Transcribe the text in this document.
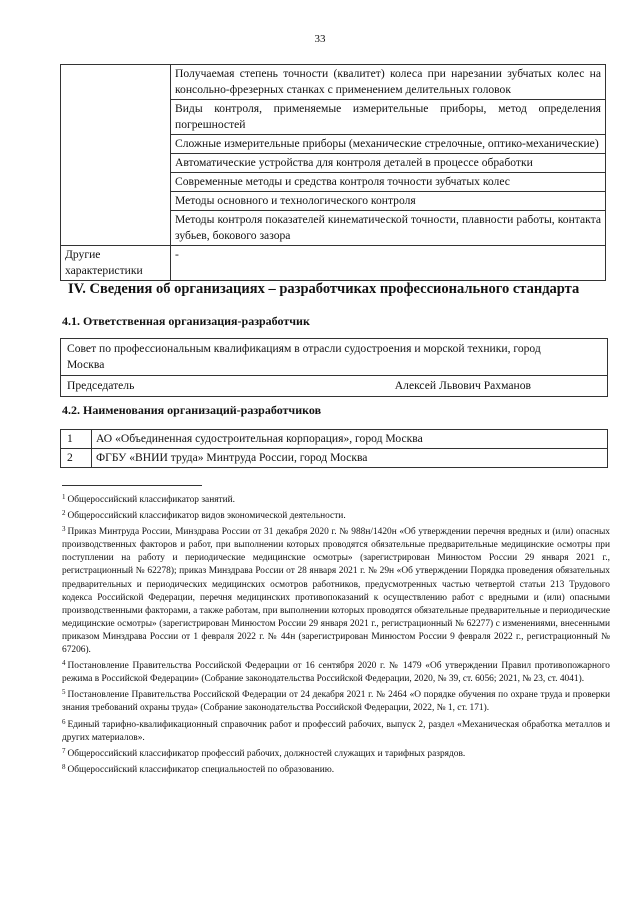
33
	Получаемая степень точности (квалитет) колеса при нарезании зубчатых колес на консольно-фрезерных станках с применением делительных головок
	Виды контроля, применяемые измерительные приборы, метод определения погрешностей
	Сложные измерительные приборы (механические стрелочные, оптико-механические)
	Автоматические устройства для контроля деталей в процессе обработки
	Современные методы и средства контроля точности зубчатых колес
	Методы основного и технологического контроля
	Методы контроля показателей кинематической точности, плавности работы, контакта зубьев, бокового зазора
Другие характеристики	-
IV. Сведения об организациях – разработчиках профессионального стандарта
4.1. Ответственная организация-разработчик
Совет по профессиональным квалификациям в отрасли судостроения и морской техники, город
Москва

Председатель	Алексей Львович Рахманов
4.2. Наименования организаций-разработчиков
1	АО «Объединенная судостроительная корпорация», город Москва
2	ФГБУ «ВНИИ труда» Минтруда России, город Москва

$^1$ Общероссийский классификатор занятий.

$^2$ Общероссийский классификатор видов экономической деятельности.

$^3$ Приказ Минтруда России, Минздрава России от 31 декабря 2020 г. № 988н/1420н «Об утверждении перечня вредных и (или) опасных производственных факторов и работ, при выполнении которых проводятся обязательные предварительные медицинские осмотры при поступлении на работу и периодические медицинские осмотры» (зарегистрирован Минюстом России 29 января 2021 г., регистрационный № 62278); приказ Минздрава России от 28 января 2021 г. № 29н «Об утверждении Порядка проведения обязательных предварительных и периодических медицинских осмотров работников, предусмотренных частью четвертой статьи 213 Трудового кодекса Российской Федерации, перечня медицинских противопоказаний к осуществлению работ с вредными и (или) опасными производственными факторами, а также работам, при выполнении которых проводятся обязательные предварительные и периодические медицинские осмотры» (зарегистрирован Минюстом России 29 января 2021 г., регистрационный № 62277) с изменениями, внесенными приказом Минздрава России от 1 февраля 2022 г. № 44н (зарегистрирован Минюстом России 9 февраля 2022 г., регистрационный № 67206).

$^4$ Постановление Правительства Российской Федерации от 16 сентября 2020 г. № 1479 «Об утверждении Правил противопожарного режима в Российской Федерации» (Собрание законодательства Российской Федерации, 2020, № 39, ст. 6056; 2021, № 23, ст. 4041).

$^5$ Постановление Правительства Российской Федерации от 24 декабря 2021 г. № 2464 «О порядке обучения по охране труда и проверки знания требований охраны труда» (Собрание законодательства Российской Федерации, 2022, № 1, ст. 171).

$^6$ Единый тарифно-квалификационный справочник работ и профессий рабочих, выпуск 2, раздел «Механическая обработка металлов и других материалов».

$^7$ Общероссийский классификатор профессий рабочих, должностей служащих и тарифных разрядов.

$^8$ Общероссийский классификатор специальностей по образованию.
